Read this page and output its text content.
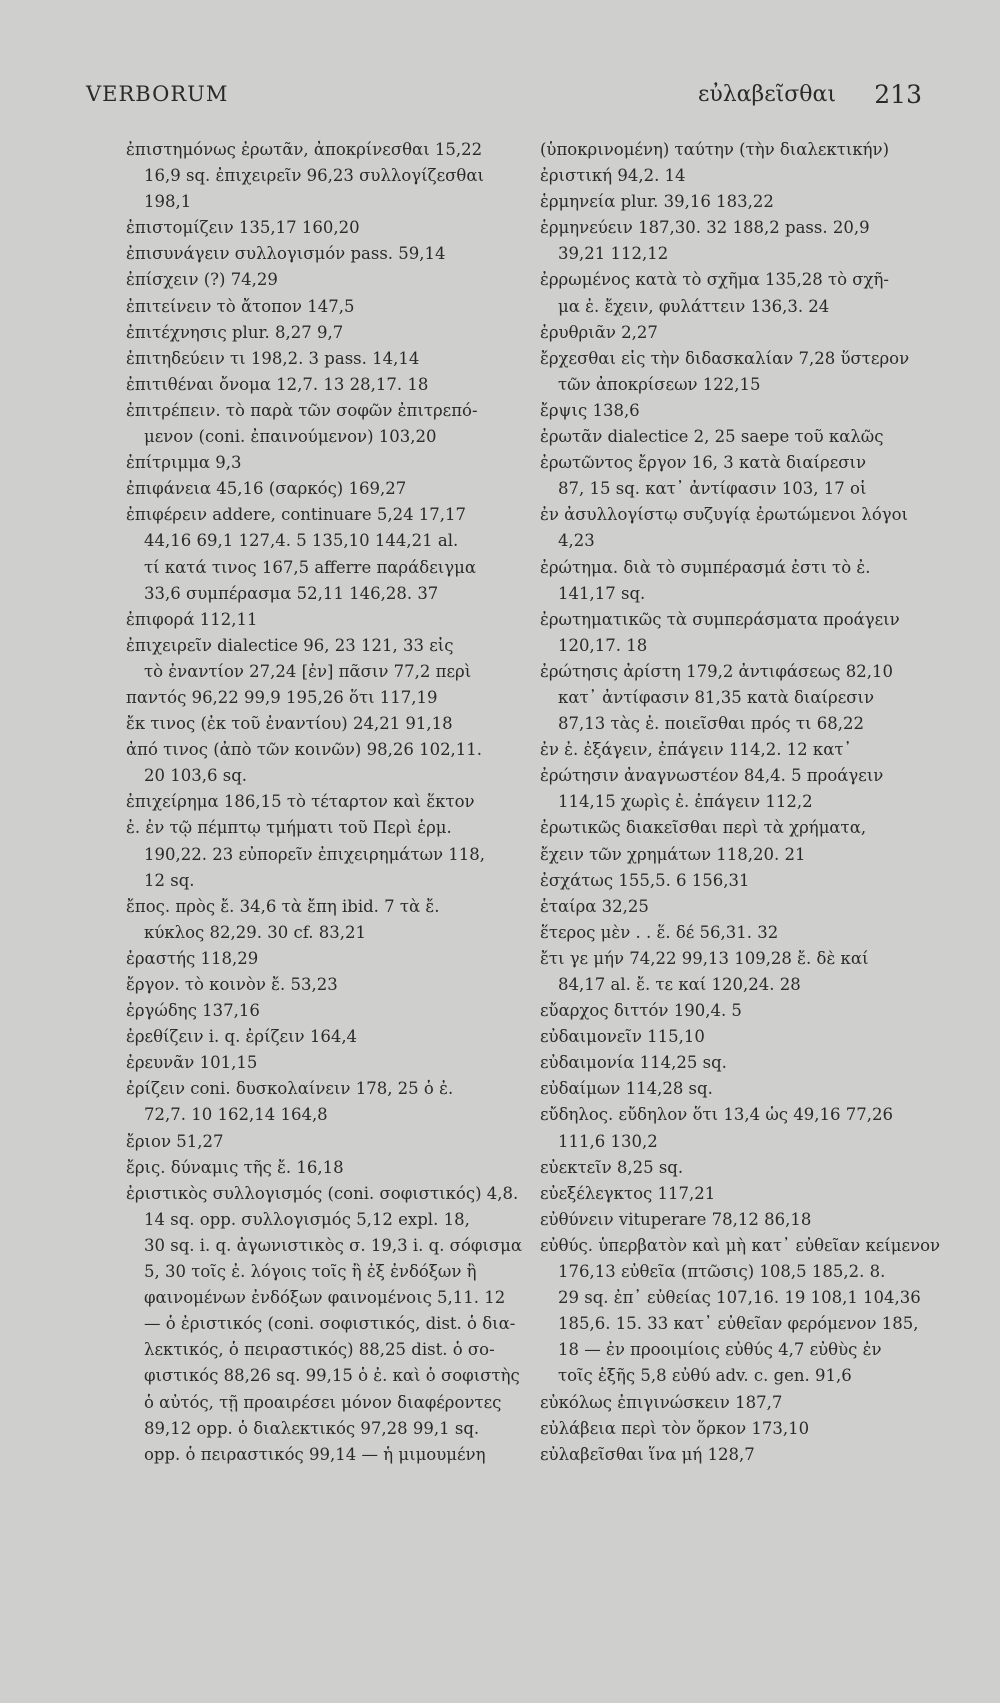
VERBORUM	εὐλαβεῖσθαι 213
ἐπιστημόνως ἐρωτᾶν, ἀποκρίνεσθαι 15,22
16,9 sq. ἐπιχειρεῖν 96,23 συλλογίζεσθαι
198,1
ἐπιστομίζειν 135,17 160,20
ἐπισυνάγειν συλλογισμόν pass. 59,14
ἐπίσχειν (?) 74,29
ἐπιτείνειν τὸ ἄτοπον 147,5
ἐπιτέχνησις plur. 8,27 9,7
ἐπιτηδεύειν τι 198,2. 3 pass. 14,14
ἐπιτιθέναι ὄνομα 12,7. 13 28,17. 18
ἐπιτρέπειν. τὸ παρὰ τῶν σοφῶν ἐπιτρεπό-
μενον (coni. ἐπαινούμενον) 103,20
ἐπίτριμμα 9,3
ἐπιφάνεια 45,16 (σαρκός) 169,27
ἐπιφέρειν addere, continuare 5,24 17,17
44,16 69,1 127,4. 5 135,10 144,21 al.
τί κατά τινος 167,5 afferre παράδειγμα
33,6 συμπέρασμα 52,11 146,28. 37
ἐπιφορά 112,11
ἐπιχειρεῖν dialectice 96, 23 121, 33 εἰς
τὸ ἐναντίον 27,24 [ἐν] πᾶσιν 77,2 περὶ
παντός 96,22 99,9 195,26 ὅτι 117,19
ἔκ τινος (ἐκ τοῦ ἐναντίου) 24,21 91,18
ἀπό τινος (ἀπὸ τῶν κοινῶν) 98,26 102,11.
20 103,6 sq.
ἐπιχείρημα 186,15 τὸ τέταρτον καὶ ἕκτον
ἐ. ἐν τῷ πέμπτῳ τμήματι τοῦ Περὶ ἑρμ.
190,22. 23 εὐπορεῖν ἐπιχειρημάτων 118,
12 sq.
ἔπος. πρὸς ἔ. 34,6 τὰ ἔπη ibid. 7 τὰ ἔ.
κύκλος 82,29. 30 cf. 83,21
ἐραστής 118,29
ἔργον. τὸ κοινὸν ἔ. 53,23
ἐργώδης 137,16
ἐρεθίζειν i. q. ἐρίζειν 164,4
ἐρευνᾶν 101,15
ἐρίζειν coni. δυσκολαίνειν 178, 25 ὁ ἐ.
72,7. 10 162,14 164,8
ἔριον 51,27
ἔρις. δύναμις τῆς ἔ. 16,18
ἐριστικὸς συλλογισμός (coni. σοφιστικός) 4,8.
14 sq. opp. συλλογισμός 5,12 expl. 18,
30 sq. i. q. ἀγωνιστικὸς σ. 19,3 i. q. σόφισμα
5, 30 τοῖς ἐ. λόγοις τοῖς ἢ ἐξ ἐνδόξων ἢ
φαινομένων ἐνδόξων φαινομένοις 5,11. 12
— ὁ ἐριστικός (coni. σοφιστικός, dist. ὁ δια-
λεκτικός, ὁ πειραστικός) 88,25 dist. ὁ σο-
φιστικός 88,26 sq. 99,15 ὁ ἐ. καὶ ὁ σοφιστὴς
ὁ αὐτός, τῇ προαιρέσει μόνον διαφέροντες
89,12 opp. ὁ διαλεκτικός 97,28 99,1 sq.
opp. ὁ πειραστικός 99,14 — ἡ μιμουμένη
(ὑποκρινομένη) ταύτην (τὴν διαλεκτικήν)
ἐριστική 94,2. 14
ἑρμηνεία plur. 39,16 183,22
ἑρμηνεύειν 187,30. 32 188,2 pass. 20,9
39,21 112,12
ἐρρωμένος κατὰ τὸ σχῆμα 135,28 τὸ σχῆ-
μα ἐ. ἔχειν, φυλάττειν 136,3. 24
ἐρυθριᾶν 2,27
ἔρχεσθαι εἰς τὴν διδασκαλίαν 7,28 ὕστερον
τῶν ἀποκρίσεων 122,15
ἔρψις 138,6
ἐρωτᾶν dialectice 2, 25 saepe τοῦ καλῶς
ἐρωτῶντος ἔργον 16, 3 κατὰ διαίρεσιν
87, 15 sq. κατ᾽ ἀντίφασιν 103, 17 οἱ
ἐν ἀσυλλογίστῳ συζυγίᾳ ἐρωτώμενοι λόγοι
4,23
ἐρώτημα. διὰ τὸ συμπέρασμά ἐστι τὸ ἐ.
141,17 sq.
ἐρωτηματικῶς τὰ συμπεράσματα προάγειν
120,17. 18
ἐρώτησις ἀρίστη 179,2 ἀντιφάσεως 82,10
κατ᾽ ἀντίφασιν 81,35 κατὰ διαίρεσιν
87,13 τὰς ἐ. ποιεῖσθαι πρός τι 68,22
ἐν ἐ. ἐξάγειν, ἐπάγειν 114,2. 12 κατ᾽
ἐρώτησιν ἀναγνωστέον 84,4. 5 προάγειν
114,15 χωρὶς ἐ. ἐπάγειν 112,2
ἐρωτικῶς διακεῖσθαι περὶ τὰ χρήματα,
ἔχειν τῶν χρημάτων 118,20. 21
ἐσχάτως 155,5. 6 156,31
ἑταίρα 32,25
ἕτερος μὲν . . ἕ. δέ 56,31. 32
ἔτι γε μήν 74,22 99,13 109,28 ἔ. δὲ καί
84,17 al. ἔ. τε καί 120,24. 28
εὔαρχος διττόν 190,4. 5
εὐδαιμονεῖν 115,10
εὐδαιμονία 114,25 sq.
εὐδαίμων 114,28 sq.
εὔδηλος. εὔδηλον ὅτι 13,4 ὡς 49,16 77,26
111,6 130,2
εὐεκτεῖν 8,25 sq.
εὐεξέλεγκτος 117,21
εὐθύνειν vituperare 78,12 86,18
εὐθύς. ὑπερβατὸν καὶ μὴ κατ᾽ εὐθεῖαν κείμενον
176,13 εὐθεῖα (πτῶσις) 108,5 185,2. 8.
29 sq. ἐπ᾽ εὐθείας 107,16. 19 108,1 104,36
185,6. 15. 33 κατ᾽ εὐθεῖαν φερόμενον 185,
18 — ἐν προοιμίοις εὐθύς 4,7 εὐθὺς ἐν
τοῖς ἑξῆς 5,8 εὐθύ adv. c. gen. 91,6
εὐκόλως ἐπιγινώσκειν 187,7
εὐλάβεια περὶ τὸν ὅρκον 173,10
εὐλαβεῖσθαι ἵνα μή 128,7
